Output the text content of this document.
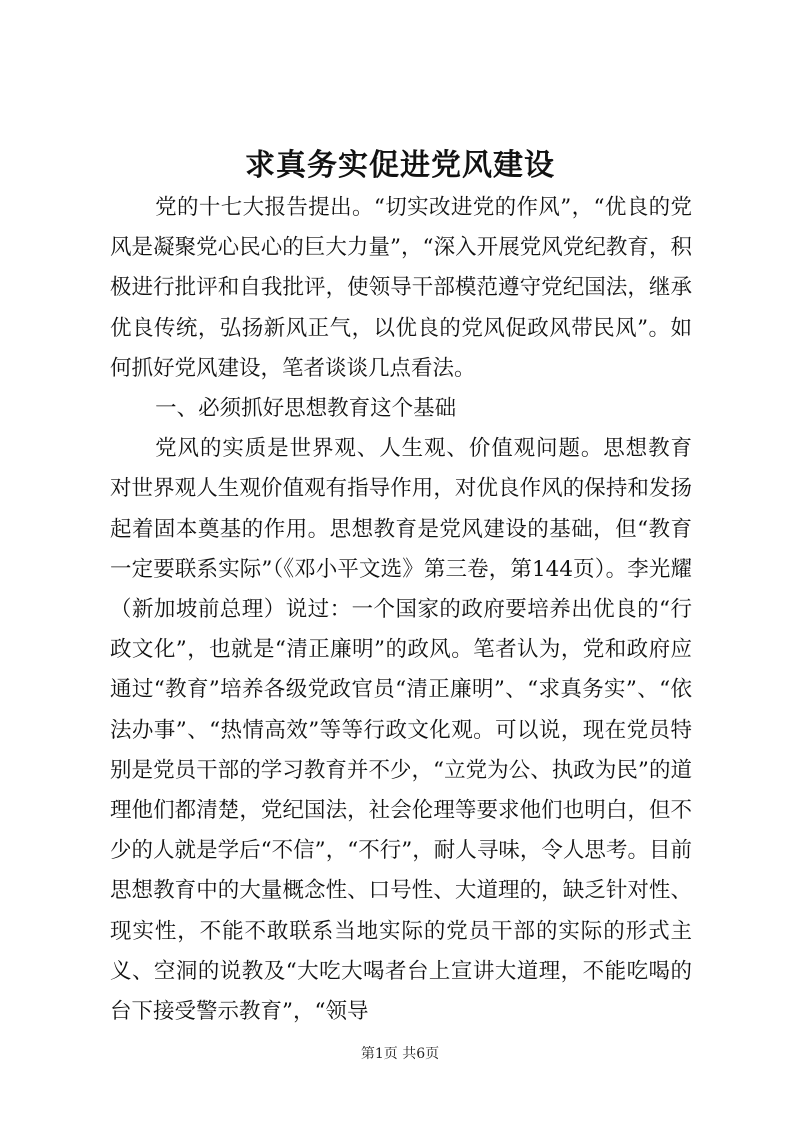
求真务实促进党风建设

党的十七大报告提出。“切实改进党的作风”，“优良的党风是凝聚党心民心的巨大力量”，“深入开展党风党纪教育，积极进行批评和自我批评，使领导干部模范遵守党纪国法，继承优良传统，弘扬新风正气，以优良的党风促政风带民风”。如何抓好党风建设，笔者谈谈几点看法。

一、必须抓好思想教育这个基础

党风的实质是世界观、人生观、价值观问题。思想教育对世界观人生观价值观有指导作用，对优良作风的保持和发扬起着固本奠基的作用。思想教育是党风建设的基础，但“教育一定要联系实际”（《邓小平文选》第三卷，第144页）。李光耀（新加坡前总理）说过：一个国家的政府要培养出优良的“行政文化”，也就是“清正廉明”的政风。笔者认为，党和政府应通过“教育”培养各级党政官员“清正廉明”、“求真务实”、“依法办事”、“热情高效”等等行政文化观。可以说，现在党员特别是党员干部的学习教育并不少，“立党为公、执政为民”的道理他们都清楚，党纪国法，社会伦理等要求他们也明白，但不少的人就是学后“不信”，“不行”，耐人寻味，令人思考。目前思想教育中的大量概念性、口号性、大道理的，缺乏针对性、现实性，不能不敢联系当地实际的党员干部的实际的形式主义、空洞的说教及“大吃大喝者台上宣讲大道理，不能吃喝的台下接受警示教育”，“领导

第1页 共6页
